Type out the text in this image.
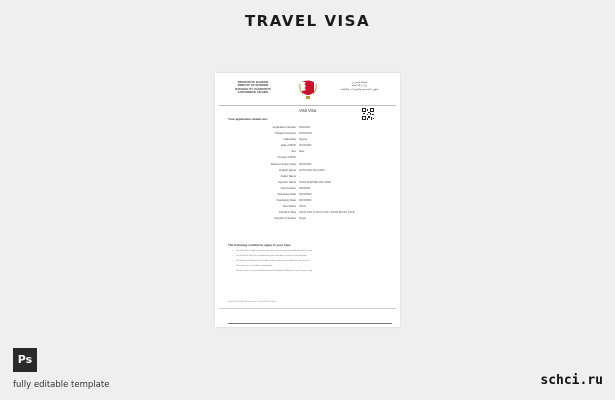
TRAVEL VISA
KINGDOM OF BAHRAIN
MINISTRY OF INTERIOR
NATIONALITY, PASSPORTS
& RESIDENCE AFFAIRS
مملكة البحرين
وزارة الداخلية
شؤون الجنسية والجوازات والإقامة
Visit Visa
Your application details are:
Application Number 00000000
Passport Number A00000000
Nationality Nigeria
Date of Birth 00/00/0000
Sex Male
Country of Birth -
Passport Expiry Date 00/00/0000
English Name JOHN DOE WILLIAMS
Arabic Name -
Sponsor Name JOHN STEPHEN WILLIAMS
Visa Number 00000000
Visa Issue Date 00/00/0000
Visa Expiry Date 00/00/0000
Visa Status VALID
Period of Stay VALID FOR 14 DAYS ONLY FROM ENTRY DATE
Number of Entries Single
Issued by: NPRA, Bahrain Date: 00.00.0000 Visit Visa
The following conditions apply to your Visa:
• The Visit Visa is valid to the date noted on which you must enter Bahrain with the Visa.
• The Period of Stay to be counted from your initial date of entry into the Kingdom.
• The Number of Entries is the number of times you may enter Bahrain with this Visa.
• This visit visa is not valid for employment.
• Please contact the nearest Embassy of the Kingdom of Bahrain in case of any change.
Ps
fully editable template	schci.ru
